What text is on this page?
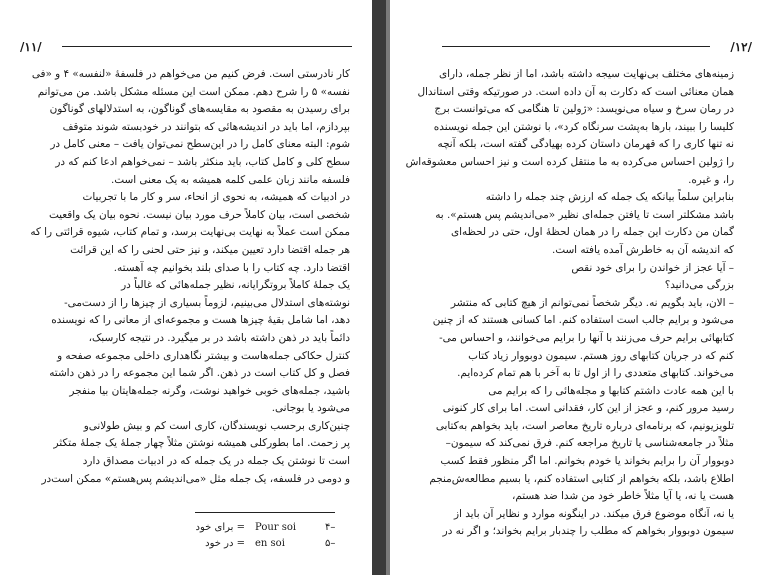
/۱۱/

کار نادرستی است. فرض کنیم من می‌خواهم در فلسفهٔ «لنفسه» ۴ و «فی

نفسه» ۵ را شرح دهم. ممکن است این مسئله مشکل باشد. من می‌توانم

برای رسیدن به مقصود به مقایسه‌های گوناگون، به استدلالهای گوناگون

بپردازم، اما باید در اندیشه‌هائی که بتوانند در خودبسته شوند متوقف

شوم: البته معنای کامل را در این‌سطح نمی‌توان یافت – معنی کامل در

سطح کلی و کامل کتاب، باید منکثر باشد – نمی‌خواهم ادعا کنم که در

فلسفه مانند زبان علمی کلمه همیشه به یک معنی است.

در ادبیات که همیشه، به نحوی از انحاء، سر و کار ما با تجربیات

شخصی است، بیان کاملاً حرف مورد بیان نیست. نحوه بیان یک واقعیت

ممکن است عملاً به نهایت بی‌نهایت برسد، و تمام کتاب، شیوه قرائتی را که

هر جمله اقتضا دارد تعیین میکند، و نیز حتی لحنی را که این قرائت

اقتضا دارد. چه کتاب را با صدای بلند بخوانیم چه آهسته.

یک جملهٔ کاملاً بروتگرایانه، نظیر جمله‌هائی که غالباً در

نوشته‌های استدلال می‌بینیم، لزوماً بسیاری از چیزها را از دست‌می-

دهد، اما شامل بقیهٔ چیزها هست و مجموعه‌ای از معانی را که نویسنده

دائماً باید در ذهن داشته باشد در بر میگیرد. در نتیجه کارسبک،

کنترل حکاکی جمله‌هاست و بیشتر نگاهداری داخلی مجموعه صفحه و

فصل و کل کتاب است در ذهن. اگر شما این مجموعه را در ذهن داشته

باشید، جمله‌های خوبی خواهید نوشت، وگرنه جمله‌هایتان بیا منفجر

می‌شود یا بوجانی.

چنین‌کاری برحسب نویسندگان، کاری است کم و بیش طولانی‌و

پر زحمت. اما بطورکلی همیشه نوشتن مثلاً چهار جملهٔ یک جملهٔ متکثر

است تا نوشتن یک جمله در یک جمله که در ادبیات مصداق دارد

و دومی در فلسفه، یک جمله مثل «می‌اندیشم پس‌هستم» ممکن است‌در

۴–
Pour soi
= برای خود
۵–
en soi
= در خود
/۱۲/

زمینه‌های مختلف بی‌نهایت سیجه داشته باشد، اما از نظر جمله، دارای

همان معنائی است که دکارت به آن داده است. در صورتیکه وقتی استاندال

در رمان سرخ و سیاه می‌نویسد: «ژولین تا هنگامی که می‌توانست برج

کلیسا را ببیند، بارها به‌پشت سرنگاه کرد»، با نوشتن این جمله نویسنده

نه تنها کاری را که قهرمان داستان کرده بهیادگی گفته است، بلکه آنچه

را ژولین احساس می‌کرده به ما منتقل کرده است و نیز احساس معشوقه‌اش

را، و غیره.

بنابراین سلماً بیانکه یک جمله که ارزش چند جمله را داشته

باشد مشکلتر است تا یافتن جمله‌ای نظیر «می‌اندیشم پس هستم». به

گمان من دکارت این جمله را در همان لحظهٔ اول، حتی در لحظه‌ای

که اندیشه آن به خاطرش آمده یافته است.

– آیا عجز از خواندن را برای خود نقص

بزرگی می‌دانید؟

– الان، باید بگویم نه. دیگر شخصاً نمی‌توانم از هیچ کتابی که منتشر

می‌شود و برایم جالب است استفاده کنم. اما کسانی هستند که از چنین

کتابهائی برایم حرف می‌زنند با آنها را برایم می‌خوانند، و احساس می-

کنم که در جریان کتابهای روز هستم. سیمون دوبووار زیاد کتاب

می‌خواند. کتابهای متعددی را از اول تا به آخر با هم تمام کرده‌ایم.

با این همه عادت داشتم کتابها و مجله‌هائی را که برایم می‌

رسید مرور کنم، و عجز از این کار، فقدانی است. اما برای کار کنونی

تلویزیونیم، که برنامه‌ای درباره تاریخ معاصر است، باید بخواهم به‌کتابی

مثلاً در جامعه‌شناسی یا تاریخ مراجعه کنم. فرق نمی‌کند که سیمون–

دوبووار آن را برایم بخواند یا خودم بخوانم. اما اگر منظور فقط کسب

اطلاع باشد، بلکه بخواهم از کتابی استفاده کنم، یا بسیم مطالعه‌ش‌منجم

هست یا نه، یا آیا مثلاً خاطر خود من شدا ضد هستم،

یا نه، آنگاه موضوع فرق میکند. در اینگونه موارد و نظایر آن باید از

سیمون دوبووار بخواهم که مطلب را چندبار برایم بخواند؛ و اگر نه در
